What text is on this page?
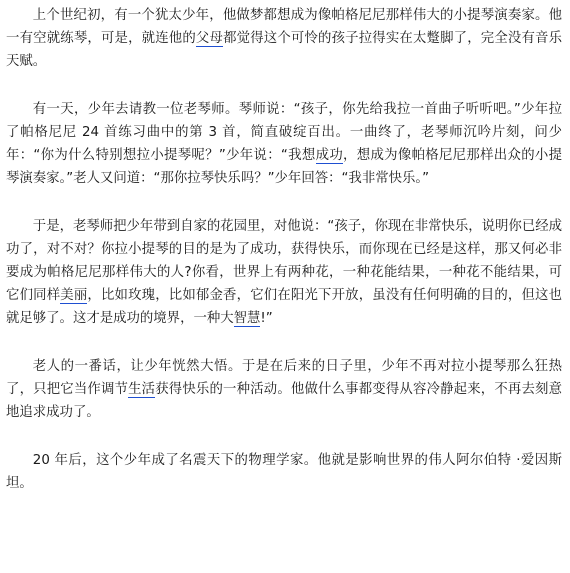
上个世纪初，有一个犹太少年，他做梦都想成为像帕格尼尼那样伟大的小提琴演奏家。他一有空就练琴，可是，就连他的父母都觉得这个可怜的孩子拉得实在太蹩脚了，完全没有音乐天赋。

有一天，少年去请教一位老琴师。琴师说：“孩子，你先给我拉一首曲子听听吧。”少年拉了帕格尼尼 24 首练习曲中的第 3 首，简直破绽百出。一曲终了，老琴师沉吟片刻，问少年：“你为什么特别想拉小提琴呢？”少年说：“我想成功，想成为像帕格尼尼那样出众的小提琴演奏家。”老人又问道：“那你拉琴快乐吗？”少年回答：“我非常快乐。”

于是，老琴师把少年带到自家的花园里，对他说：“孩子，你现在非常快乐，说明你已经成功了，对不对？你拉小提琴的目的是为了成功，获得快乐，而你现在已经是这样，那又何必非要成为帕格尼尼那样伟大的人?你看，世界上有两种花，一种花能结果，一种花不能结果，可它们同样美丽，比如玫瑰，比如郁金香，它们在阳光下开放，虽没有任何明确的目的，但这也就足够了。这才是成功的境界，一种大智慧!”

老人的一番话，让少年恍然大悟。于是在后来的日子里，少年不再对拉小提琴那么狂热了，只把它当作调节生活获得快乐的一种活动。他做什么事都变得从容冷静起来，不再去刻意地追求成功了。

20 年后，这个少年成了名震天下的物理学家。他就是影响世界的伟人阿尔伯特 ·爱因斯坦。
